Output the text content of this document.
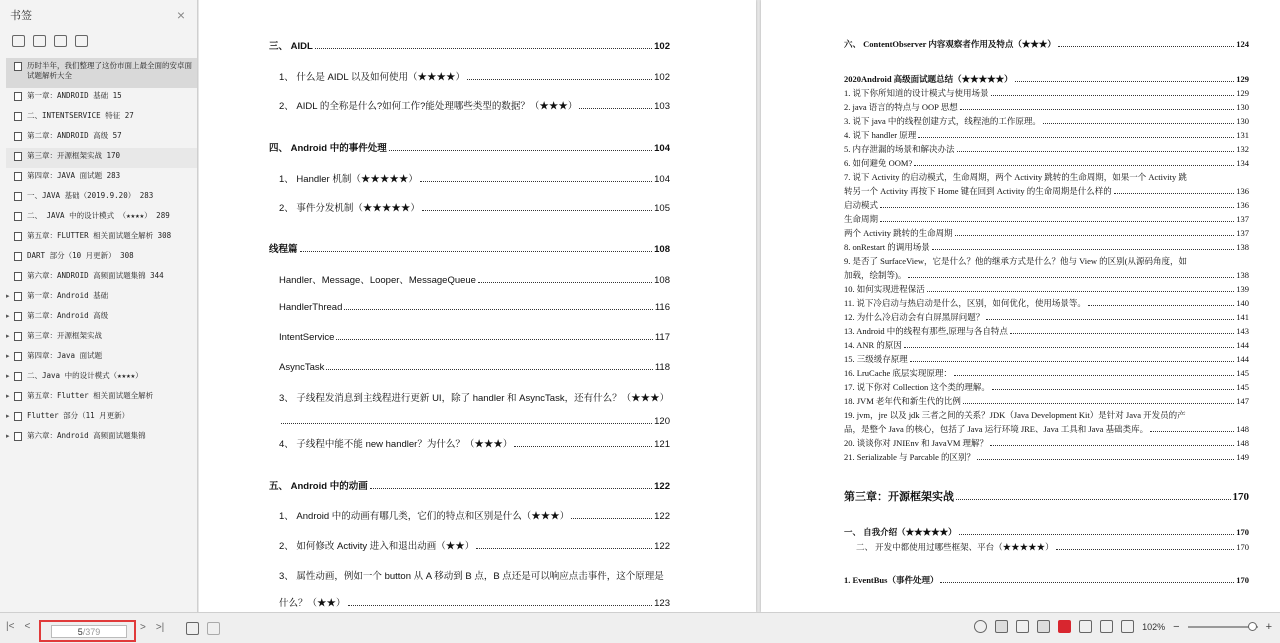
书签	×
历时半年，我们整理了这份市面上最全面的安卓面试题解析大全
第一章：ANDROID 基础 15
二、INTENTSERVICE 特征 27
第二章：ANDROID 高级 57
第三章：开源框架实战 170
第四章：JAVA 面试题 283
一、JAVA 基础（2019.9.20） 283
二、 JAVA 中的设计模式 （★★★★） 289
第五章：FLUTTER 相关面试题全解析 308
DART 部分（10 月更新） 308
第六章：ANDROID 高频面试题集锦 344
▸	第一章：Android 基础
▸	第二章：Android 高级
▸	第三章：开源框架实战
▸	第四章：Java 面试题
▸	二、Java 中的设计模式（★★★★）
▸	第五章：Flutter 相关面试题全解析
▸	Flutter 部分（11 月更新）
▸	第六章：Android 高频面试题集锦
三、 AIDL	102
1、 什么是 AIDL 以及如何使用（★★★★）	102
2、 AIDL 的全称是什么?如何工作?能处理哪些类型的数据？（★★★）	103
四、 Android 中的事件处理	104
1、 Handler 机制（★★★★★）	104
2、 事件分发机制（★★★★★）	105
线程篇	108
Handler、Message、Looper、MessageQueue	108
HandlerThread	116
IntentService	117
AsyncTask	118
3、 子线程发消息到主线程进行更新 UI，除了 handler 和 AsyncTask，还有什么？（★★★）
120
4、 子线程中能不能 new handler？为什么？（★★★）	121
五、 Android 中的动画	122
1、 Android 中的动画有哪几类，它们的特点和区别是什么（★★★）	122
2、 如何修改 Activity 进入和退出动画（★★）	122
3、 属性动画，例如一个 button 从 A 移动到 B 点，B 点还是可以响应点击事件，这个原理是
什么？（★★）	123
六、 ContentObserver 内容观察者作用及特点（★★★）	124
2020Android 高级面试题总结（★★★★★）	129
1. 说下你所知道的设计模式与使用场景	129
2. java 语言的特点与 OOP 思想	130
3. 说下 java 中的线程创建方式，线程池的工作原理。	130
4. 说下 handler 原理	131
5. 内存泄漏的场景和解决办法	132
6. 如何避免 OOM?	134
7. 说下 Activity 的启动模式，生命周期，两个 Activity 跳转的生命周期，如果一个 Activity 跳
转另一个 Activity 再按下 Home 键在回到 Activity 的生命周期是什么样的	136
启动模式	136
生命周期	137
两个 Activity 跳转的生命周期	137
8. onRestart 的调用场景	138
9. 是否了 SurfaceView，它是什么？他的继承方式是什么？他与 View 的区别(从源码角度，如
加载，绘制等)。	138
10. 如何实现进程保活	139
11. 说下冷启动与热启动是什么，区别，如何优化，使用场景等。	140
12. 为什么冷启动会有白屏黑屏问题？	141
13. Android 中的线程有那些,原理与各自特点	143
14. ANR 的原因	144
15. 三级缓存原理	144
16. LruCache 底层实现原理：	145
17. 说下你对 Collection 这个类的理解。	145
18. JVM 老年代和新生代的比例	147
19. jvm，jre 以及 jdk 三者之间的关系？JDK（Java Development Kit）是针对 Java 开发员的产
品，是整个 Java 的核心，包括了 Java 运行环境 JRE、Java 工具和 Java 基础类库。	148
20. 谈谈你对 JNIEnv 和 JavaVM 理解？	148
21. Serializable 与 Parcable 的区别？	149
第三章：开源框架实战	170
一、 自我介绍（★★★★★）	170
二、 开发中都使用过哪些框架、平台（★★★★★）	170
1. EventBus（事件处理）	170
|< <	5/379	> >|	102% −	+
